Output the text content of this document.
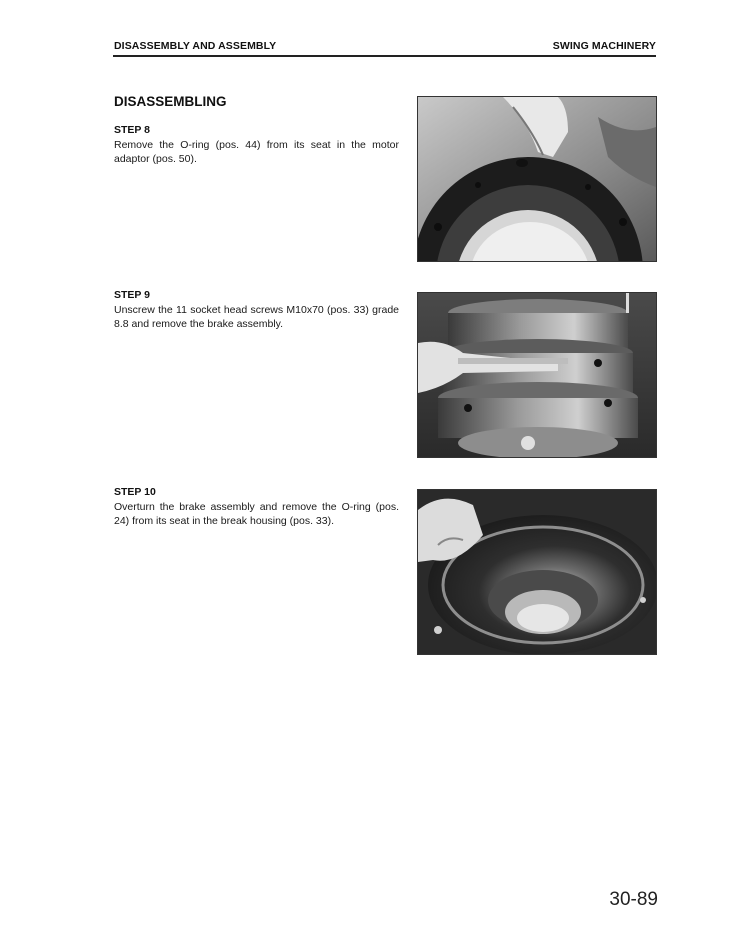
DISASSEMBLY AND ASSEMBLY	SWING MACHINERY
DISASSEMBLING
STEP 8
Remove the O-ring (pos. 44) from its seat in the motor adaptor (pos. 50).
STEP 9
Unscrew the 11 socket head screws M10x70 (pos. 33) grade 8.8 and remove the brake assembly.
STEP 10
Overturn the brake assembly and remove the O-ring (pos. 24) from its seat in the break housing (pos. 33).
30-89
